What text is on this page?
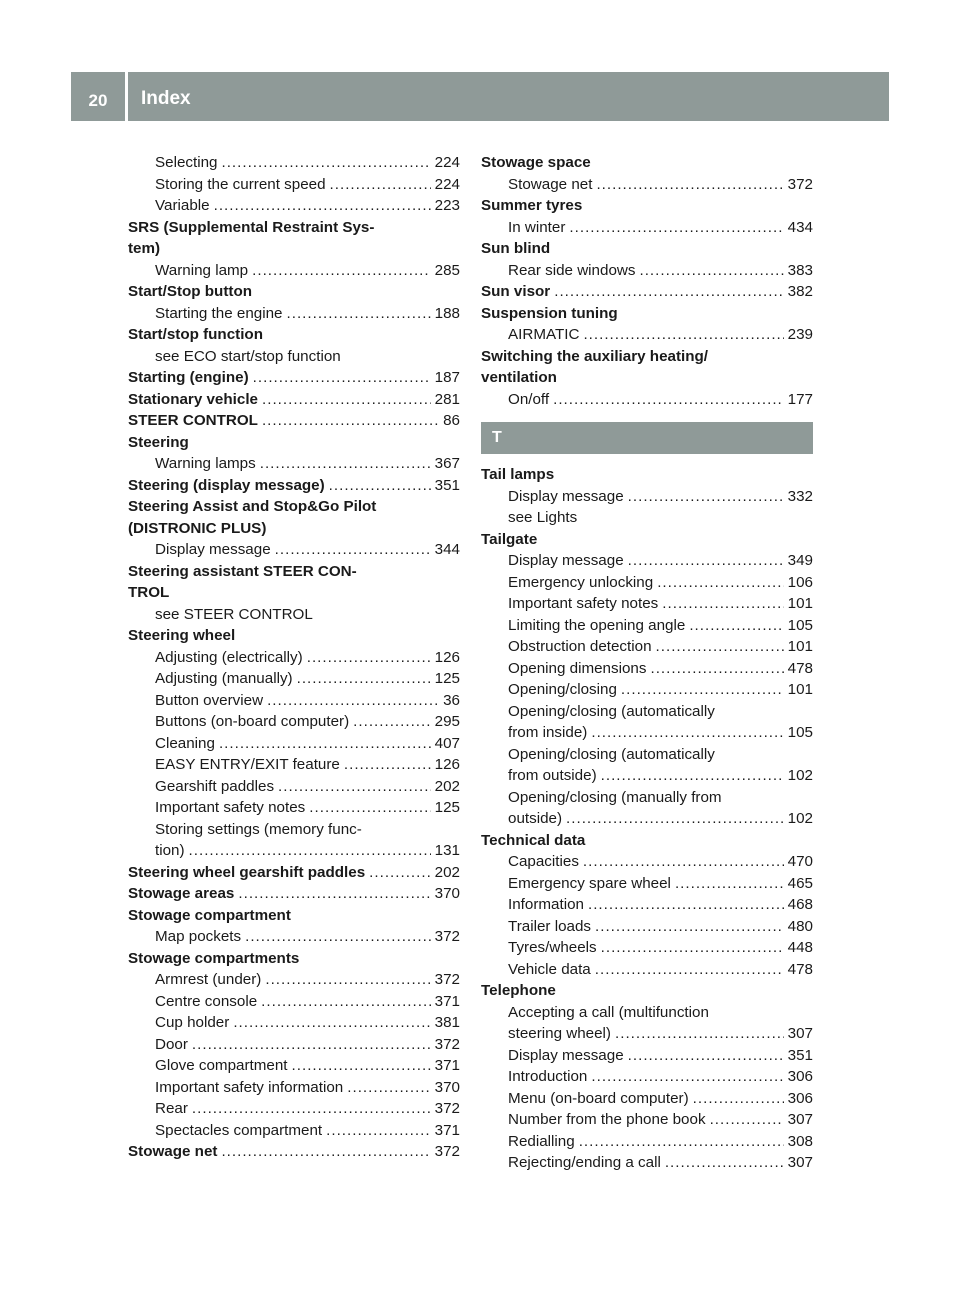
20	Index
Selecting .....	224
Storing the current speed .....	224
Variable .....	223
SRS (Supplemental Restraint Sys-
tem)
Warning lamp .....	285
Start/Stop button
Starting the engine .....	188
Start/stop function
see ECO start/stop function
Starting (engine) .....	187
Stationary vehicle .....	281
STEER CONTROL .....	86
Steering
Warning lamps .....	367
Steering (display message) .....	351
Steering Assist and Stop&Go Pilot
(DISTRONIC PLUS)
Display message .....	344
Steering assistant STEER CON-
TROL
see STEER CONTROL
Steering wheel
Adjusting (electrically) .....	126
Adjusting (manually) .....	125
Button overview .....	36
Buttons (on-board computer) .....	295
Cleaning .....	407
EASY ENTRY/EXIT feature .....	126
Gearshift paddles .....	202
Important safety notes .....	125
Storing settings (memory func-
tion) .....	131
Steering wheel gearshift paddles .....	202
Stowage areas .....	370
Stowage compartment
Map pockets .....	372
Stowage compartments
Armrest (under) .....	372
Centre console .....	371
Cup holder .....	381
Door .....	372
Glove compartment .....	371
Important safety information .....	370
Rear .....	372
Spectacles compartment .....	371
Stowage net .....	372
Stowage space
Stowage net .....	372
Summer tyres
In winter .....	434
Sun blind
Rear side windows .....	383
Sun visor .....	382
Suspension tuning
AIRMATIC .....	239
Switching the auxiliary heating/
ventilation
On/off .....	177
T
Tail lamps
Display message .....	332
see Lights
Tailgate
Display message .....	349
Emergency unlocking .....	106
Important safety notes .....	101
Limiting the opening angle .....	105
Obstruction detection .....	101
Opening dimensions .....	478
Opening/closing .....	101
Opening/closing (automatically
from inside) .....	105
Opening/closing (automatically
from outside) .....	102
Opening/closing (manually from
outside) .....	102
Technical data
Capacities .....	470
Emergency spare wheel .....	465
Information .....	468
Trailer loads .....	480
Tyres/wheels .....	448
Vehicle data .....	478
Telephone
Accepting a call (multifunction
steering wheel) .....	307
Display message .....	351
Introduction .....	306
Menu (on-board computer) .....	306
Number from the phone book .....	307
Redialling .....	308
Rejecting/ending a call .....	307
